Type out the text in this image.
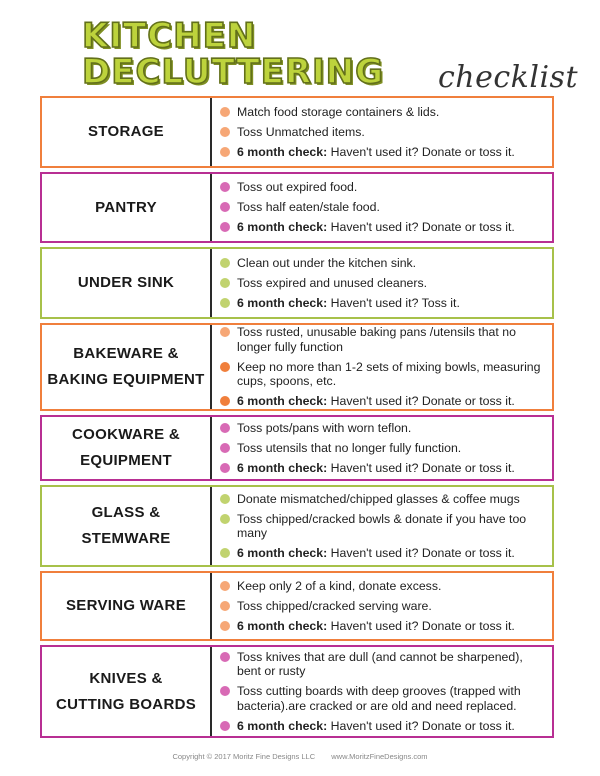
KITCHEN
DECLUTTERING checklist
STORAGE
Match food storage containers & lids.
Toss Unmatched items.
6 month check: Haven't used it? Donate or toss it.
PANTRY
Toss out expired food.
Toss half eaten/stale food.
6 month check: Haven't used it? Donate or toss it.
UNDER SINK
Clean out under the kitchen sink.
Toss expired and unused cleaners.
6 month check: Haven't used it? Toss it.
BAKEWARE &
BAKING EQUIPMENT
Toss rusted, unusable baking pans /utensils that no longer fully function
Keep no more than 1-2 sets of mixing bowls, measuring cups, spoons, etc.
6 month check: Haven't used it? Donate or toss it.
COOKWARE &
EQUIPMENT
Toss pots/pans with worn teflon.
Toss utensils that no longer fully function.
6 month check: Haven't used it? Donate or toss it.
GLASS &
STEMWARE
Donate mismatched/chipped glasses & coffee mugs
Toss chipped/cracked bowls & donate if you have too many
6 month check: Haven't used it? Donate or toss it.
SERVING WARE
Keep only 2 of a kind, donate excess.
Toss chipped/cracked serving ware.
6 month check: Haven't used it? Donate or toss it.
KNIVES &
CUTTING BOARDS
Toss knives that are dull (and cannot be sharpened), bent or rusty
Toss cutting boards with deep grooves (trapped with bacteria).are cracked or are old and need replaced.
6 month check: Haven't used it? Donate or toss it.
Copyright © 2017 Moritz Fine Designs LLC www.MoritzFineDesigns.com
